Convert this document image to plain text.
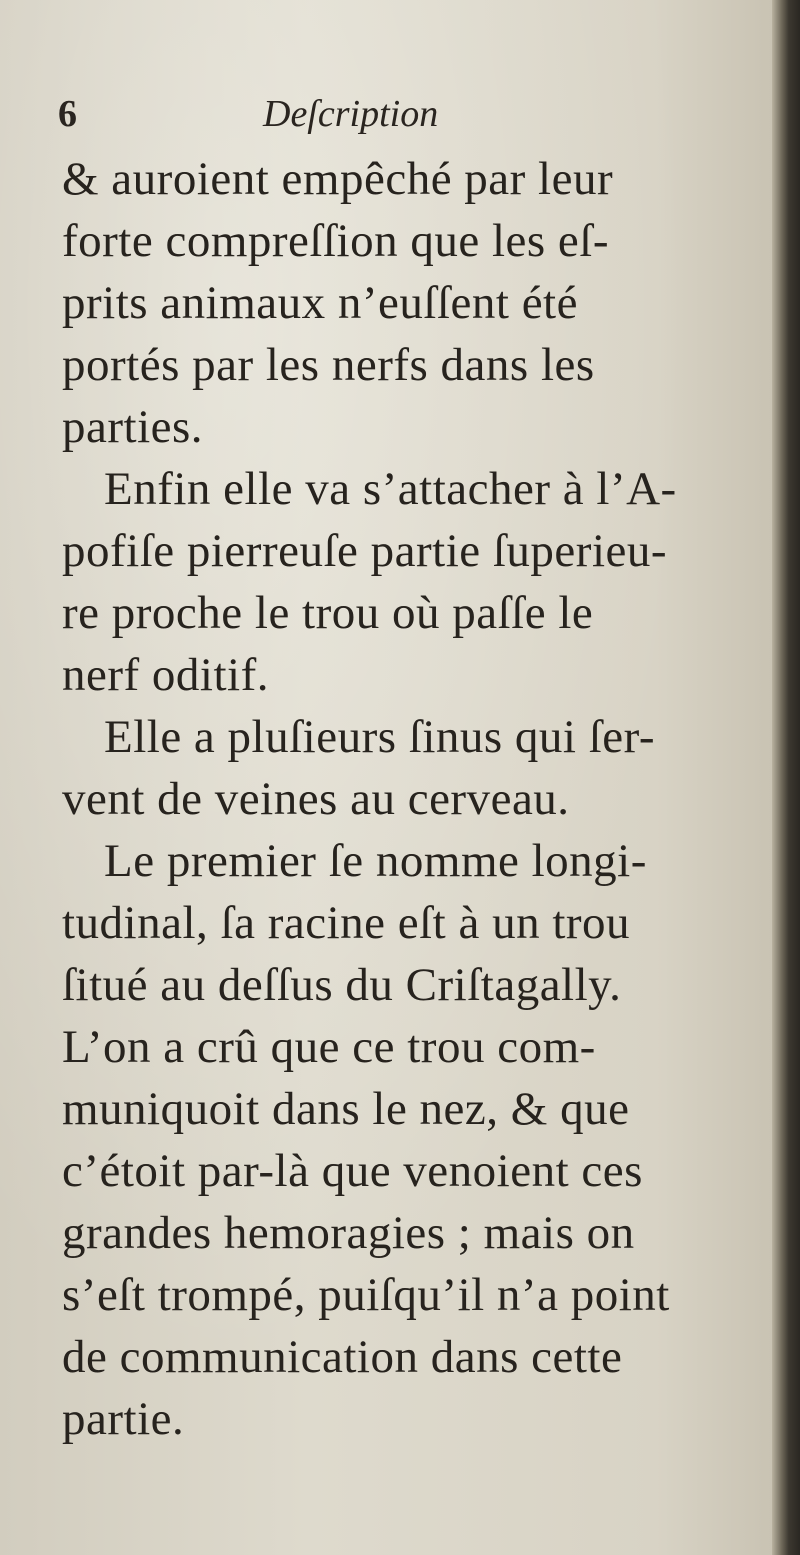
6	Deſcription
& auroient empêché par leur
forte compreſſion que les eſ-
prits animaux n’euſſent été
portés par les nerfs dans les
parties.
Enfin elle va s’attacher à l’A-
pofiſe pierreuſe partie ſuperieu-
re proche le trou où paſſe le
nerf oditif.
Elle a pluſieurs ſinus qui ſer-
vent de veines au cerveau.
Le premier ſe nomme longi-
tudinal, ſa racine eſt à un trou
ſitué au deſſus du Criſtagally.
L’on a crû que ce trou com-
muniquoit dans le nez, & que
c’étoit par-là que venoient ces
grandes hemoragies ; mais on
s’eſt trompé, puiſqu’il n’a point
de communication dans cette
partie.
